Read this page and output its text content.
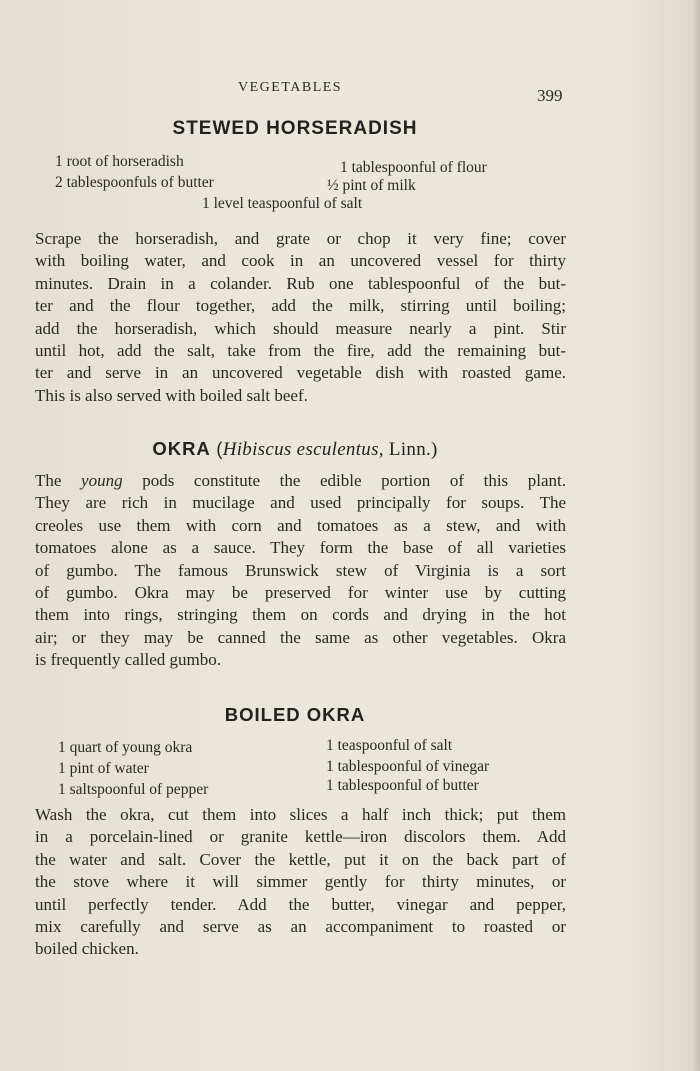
VEGETABLES	399
STEWED HORSERADISH
1 root of horseradish	1 tablespoonful of flour
2 tablespoonfuls of butter	½ pint of milk
1 level teaspoonful of salt
Scrape the horseradish, and grate or chop it very fine; cover
with boiling water, and cook in an uncovered vessel for thirty
minutes. Drain in a colander. Rub one tablespoonful of the but-
ter and the flour together, add the milk, stirring until boiling;
add the horseradish, which should measure nearly a pint. Stir
until hot, add the salt, take from the fire, add the remaining but-
ter and serve in an uncovered vegetable dish with roasted game.
This is also served with boiled salt beef.
OKRA (Hibiscus esculentus, Linn.)
The young pods constitute the edible portion of this plant.
They are rich in mucilage and used principally for soups. The
creoles use them with corn and tomatoes as a stew, and with
tomatoes alone as a sauce. They form the base of all varieties
of gumbo. The famous Brunswick stew of Virginia is a sort
of gumbo. Okra may be preserved for winter use by cutting
them into rings, stringing them on cords and drying in the hot
air; or they may be canned the same as other vegetables. Okra
is frequently called gumbo.
BOILED OKRA
1 quart of young okra	1 teaspoonful of salt
1 pint of water	1 tablespoonful of vinegar
1 saltspoonful of pepper	1 tablespoonful of butter
Wash the okra, cut them into slices a half inch thick; put them
in a porcelain-lined or granite kettle—iron discolors them. Add
the water and salt. Cover the kettle, put it on the back part of
the stove where it will simmer gently for thirty minutes, or
until perfectly tender. Add the butter, vinegar and pepper,
mix carefully and serve as an accompaniment to roasted or
boiled chicken.
